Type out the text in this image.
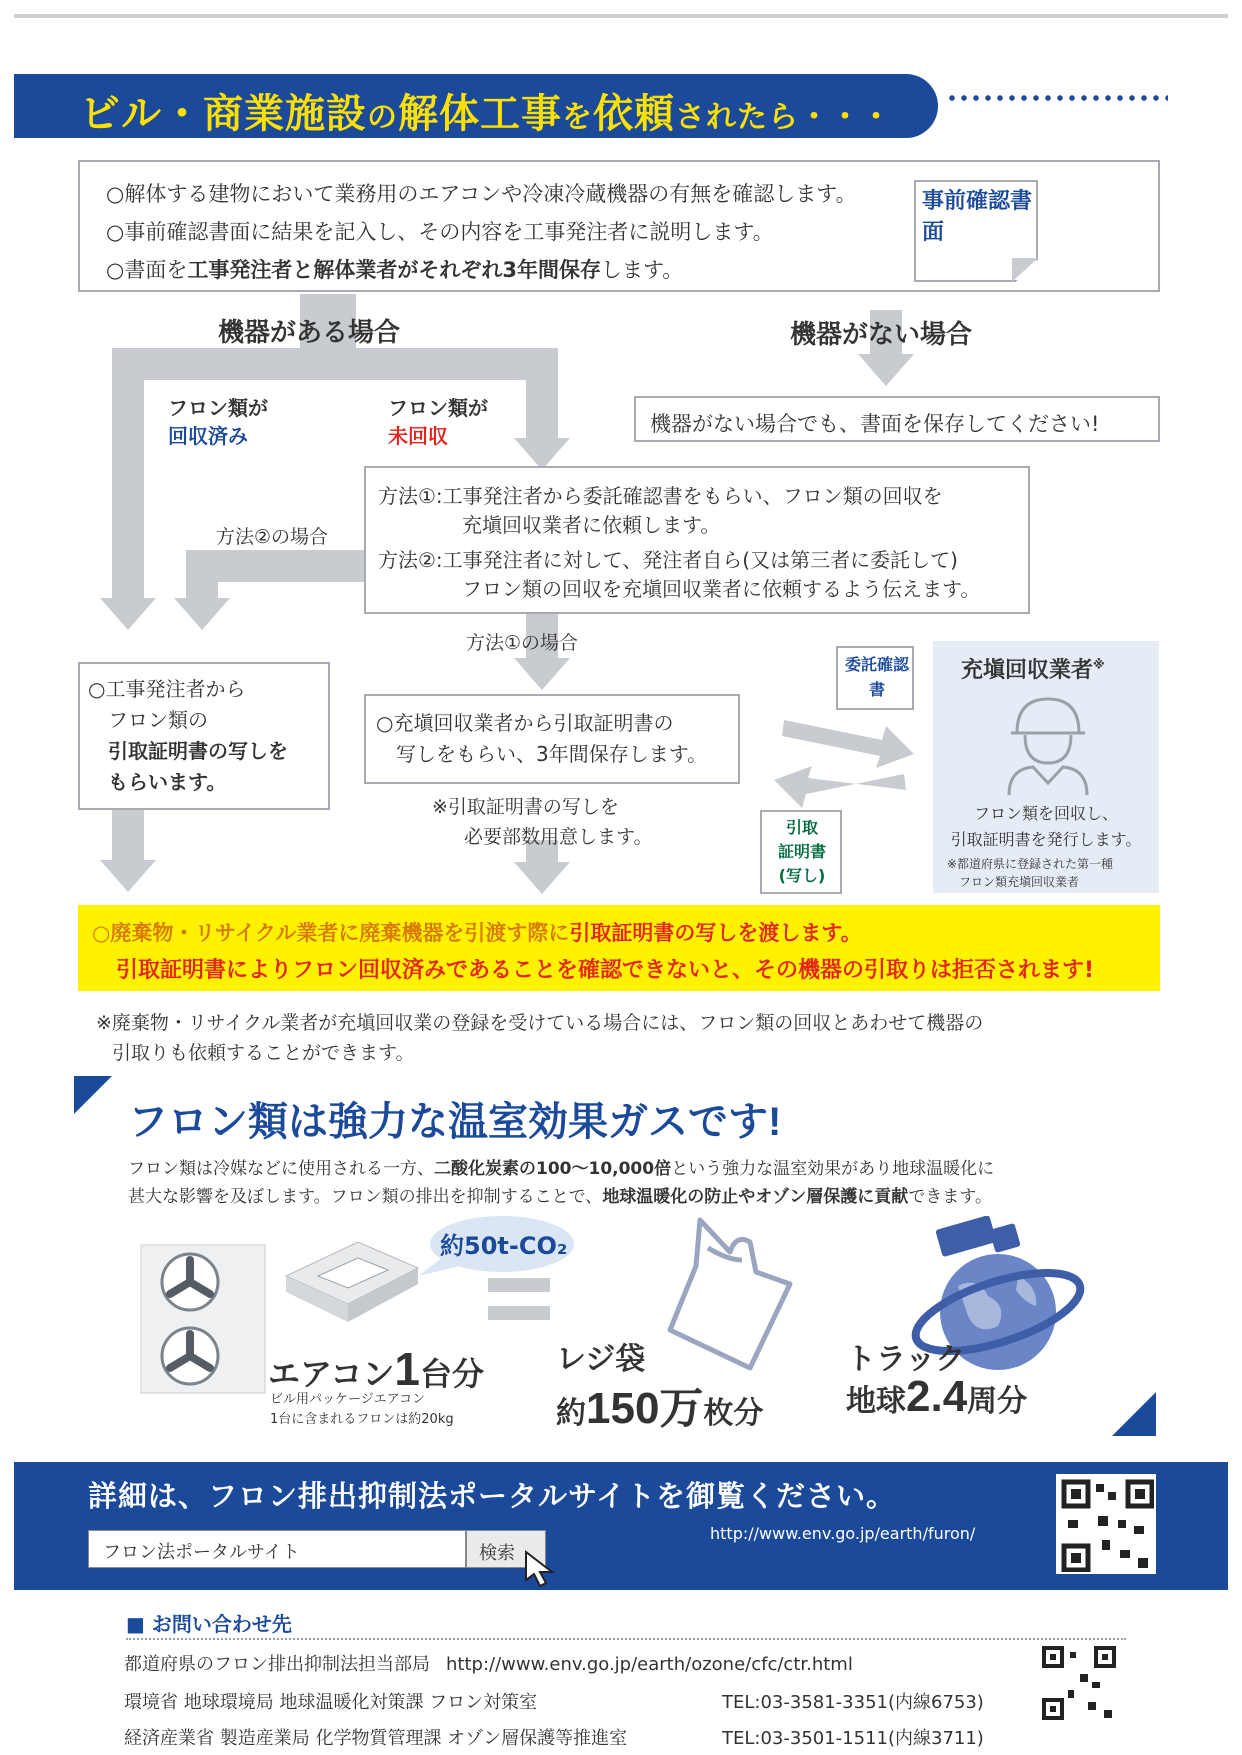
ビル・商業施設の解体工事を依頼されたら・・・

○解体する建物において業務用のエアコンや冷凍冷蔵機器の有無を確認します。

○事前確認書面に結果を記入し、その内容を工事発注者に説明します。

○書面を工事発注者と解体業者がそれぞれ3年間保存します。

事前確認書面
機器がある場合	機器がない場合
機器がない場合でも、書面を保存してください!
フロン類が
回収済み
フロン類が
未回収

方法①:工事発注者から委託確認書をもらい、フロン類の回収を
充塡回収業者に依頼します。

方法②:工事発注者に対して、発注者自ら(又は第三者に委託して)
フロン類の回収を充塡回収業者に依頼するよう伝えます。

方法②の場合
方法①の場合

○工事発注者から
フロン類の
引取証明書の写しを
もらいます。

○充塡回収業者から引取証明書の
写しをもらい、3年間保存します。

※引取証明書の写しを
必要部数用意します。
委託確認書
引取
証明書
(写し)
充塡回収業者※

フロン類を回収し、
引取証明書を発行します。

※都道府県に登録された第一種
フロン類充塡回収業者

○廃棄物・リサイクル業者に廃棄機器を引渡す際に引取証明書の写しを渡します。

引取証明書によりフロン回収済みであることを確認できないと、その機器の引取りは拒否されます!

※廃棄物・リサイクル業者が充塡回収業の登録を受けている場合には、フロン類の回収とあわせて機器の
引取りも依頼することができます。
フロン類は強力な温室効果ガスです!

フロン類は冷媒などに使用される一方、二酸化炭素の100〜10,000倍という強力な温室効果があり地球温暖化に

甚大な影響を及ぼします。フロン類の排出を抑制することで、地球温暖化の防止やオゾン層保護に貢献できます。

約50t-CO₂
エアコン1台分

ビル用パッケージエアコン
1台に含まれるフロンは約20kg

レジ袋
約150万枚分
トラック
地球2.4周分
詳細は、フロン排出抑制法ポータルサイトを御覧ください。
フロン法ポータルサイト	検索
http://www.env.go.jp/earth/furon/
■ お問い合わせ先
都道府県のフロン排出抑制法担当部局 http://www.env.go.jp/earth/ozone/cfc/ctr.html
環境省 地球環境局 地球温暖化対策課 フロン対策室	TEL:03-3581-3351(内線6753)
経済産業省 製造産業局 化学物質管理課 オゾン層保護等推進室	TEL:03-3501-1511(内線3711)
